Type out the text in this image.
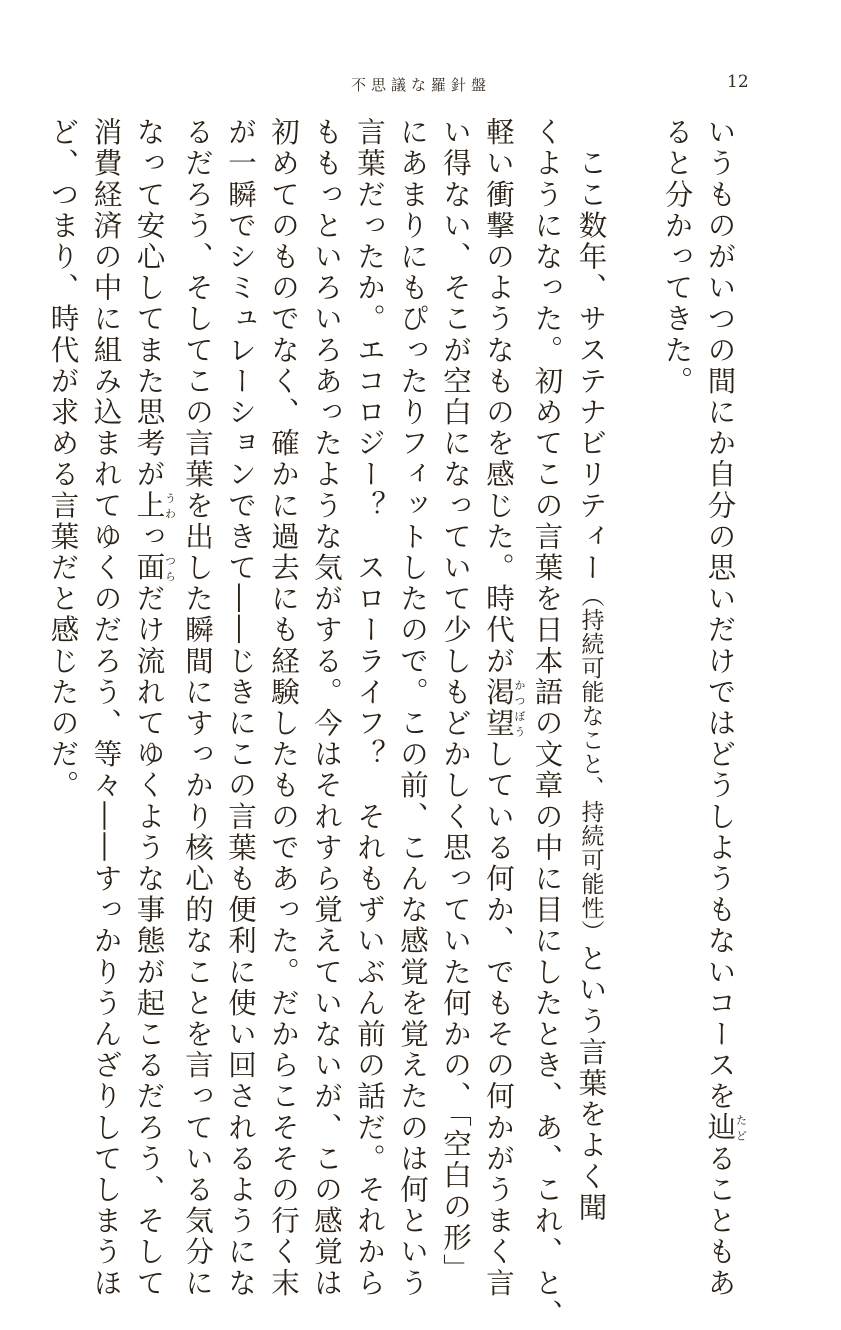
不思議な羅針盤	12
いうものがいつの間にか自分の思いだけではどうしようもないコースを辿たどることもあ
ると分かってきた。
　ここ数年、サステナビリティー（持続可能なこと、持続可能性）という言葉をよく聞
くようになった。初めてこの言葉を日本語の文章の中に目にしたとき、あ、これ、と、
軽い衝撃のようなものを感じた。時代が渇望かつぼうしている何か、でもその何かがうまく言
い得ない、そこが空白になっていて少しもどかしく思っていた何かの、「空白の形」
にあまりにもぴったりフィットしたので。この前、こんな感覚を覚えたのは何という
言葉だったか。エコロジー？　スローライフ？　それもずいぶん前の話だ。それから
ももっといろいろあったような気がする。今はそれすら覚えていないが、この感覚は
初めてのものでなく、確かに過去にも経験したものであった。だからこそその行く末
が一瞬でシミュレーションできて――じきにこの言葉も便利に使い回されるようにな
るだろう、そしてこの言葉を出した瞬間にすっかり核心的なことを言っている気分に
なって安心してまた思考が上うわっ面つらだけ流れてゆくような事態が起こるだろう、そして
消費経済の中に組み込まれてゆくのだろう、等々――すっかりうんざりしてしまうほ
ど、つまり、時代が求める言葉だと感じたのだ。
